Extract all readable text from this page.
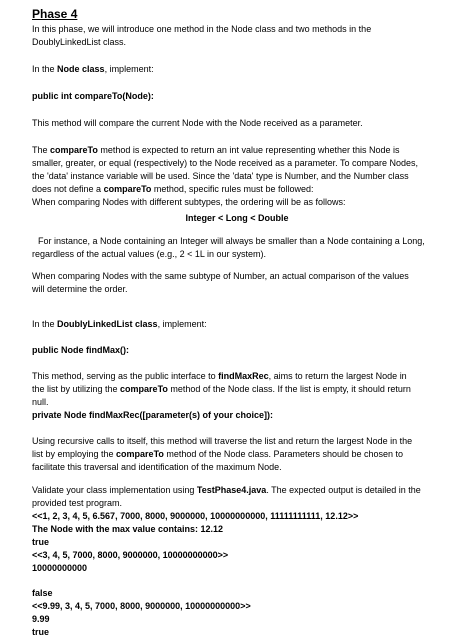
Phase 4

In this phase, we will introduce one method in the Node class and two methods in the

DoublyLinkedList class.

In the Node class, implement:

public int compareTo(Node):

This method will compare the current Node with the Node received as a parameter.

The compareTo method is expected to return an int value representing whether this Node is

smaller, greater, or equal (respectively) to the Node received as a parameter. To compare Nodes,

the 'data' instance variable will be used. Since the 'data' type is Number, and the Number class

does not define a compareTo method, specific rules must be followed:

When comparing Nodes with different subtypes, the ordering will be as follows:

Integer < Long < Double

For instance, a Node containing an Integer will always be smaller than a Node containing a Long,

regardless of the actual values (e.g., 2 < 1L in our system).

When comparing Nodes with the same subtype of Number, an actual comparison of the values

will determine the order.

In the DoublyLinkedList class, implement:

public Node findMax():

This method, serving as the public interface to findMaxRec, aims to return the largest Node in

the list by utilizing the compareTo method of the Node class. If the list is empty, it should return

null.

private Node findMaxRec([parameter(s) of your choice]):

Using recursive calls to itself, this method will traverse the list and return the largest Node in the

list by employing the compareTo method of the Node class. Parameters should be chosen to

facilitate this traversal and identification of the maximum Node.

Validate your class implementation using TestPhase4.java. The expected output is detailed in the

provided test program.

<<1, 2, 3, 4, 5, 6.567, 7000, 8000, 9000000, 10000000000, 11111111111, 12.12>>

The Node with the max value contains: 12.12

true

<<3, 4, 5, 7000, 8000, 9000000, 10000000000>>

10000000000

false

<<9.99, 3, 4, 5, 7000, 8000, 9000000, 10000000000>>

9.99

true
